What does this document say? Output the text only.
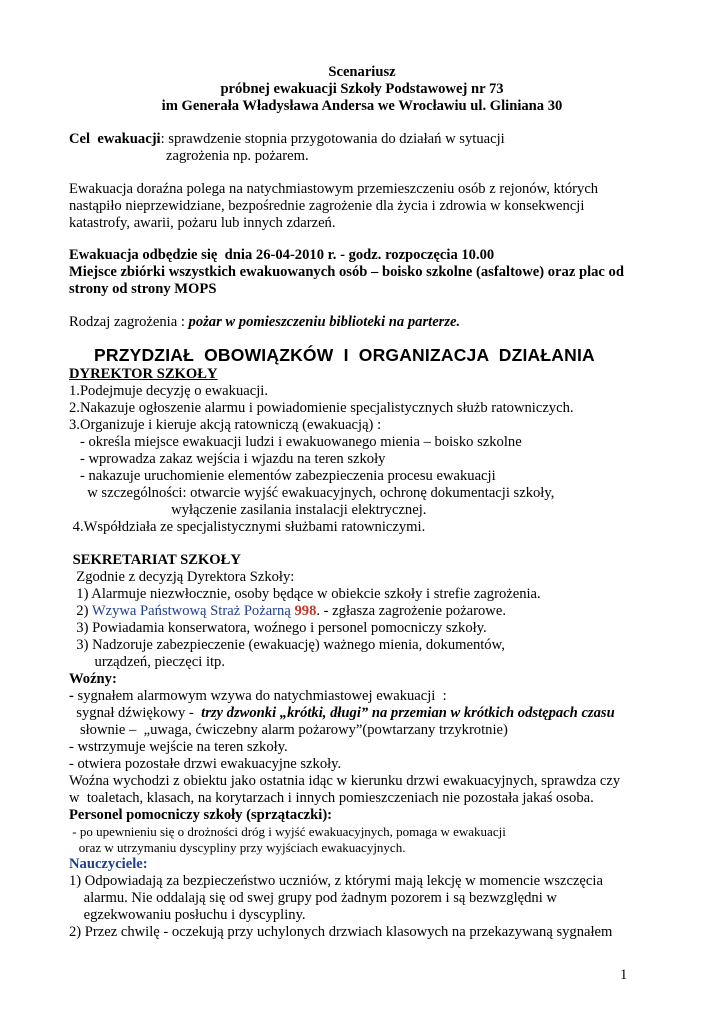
Scenariusz
próbnej ewakuacji Szkoły Podstawowej nr 73
im Generała Władysława Andersa we Wrocławiu ul. Gliniana 30
Cel  ewakuacji: sprawdzenie stopnia przygotowania do działań w sytuacji
zagrożenia np. pożarem.
Ewakuacja doraźna polega na natychmiastowym przemieszczeniu osób z rejonów, których
nastąpiło nieprzewidziane, bezpośrednie zagrożenie dla życia i zdrowia w konsekwencji
katastrofy, awarii, pożaru lub innych zdarzeń.
Ewakuacja odbędzie się  dnia 26-04-2010 r. - godz. rozpoczęcia 10.00
Miejsce zbiórki wszystkich ewakuowanych osób – boisko szkolne (asfaltowe) oraz plac od
strony od strony MOPS
Rodzaj zagrożenia : pożar w pomieszczeniu biblioteki na parterze.
PRZYDZIAŁ  OBOWIĄZKÓW  I  ORGANIZACJA  DZIAŁANIA
DYREKTOR SZKOŁY
1.Podejmuje decyzję o ewakuacji.
2.Nakazuje ogłoszenie alarmu i powiadomienie specjalistycznych służb ratowniczych.
3.Organizuje i kieruje akcją ratowniczą (ewakuacją) :
- określa miejsce ewakuacji ludzi i ewakuowanego mienia – boisko szkolne
- wprowadza zakaz wejścia i wjazdu na teren szkoły
- nakazuje uruchomienie elementów zabezpieczenia procesu ewakuacji
w szczególności: otwarcie wyjść ewakuacyjnych, ochronę dokumentacji szkoły,
wyłączenie zasilania instalacji elektrycznej.
4.Współdziała ze specjalistycznymi służbami ratowniczymi.
SEKRETARIAT SZKOŁY
Zgodnie z decyzją Dyrektora Szkoły:
1) Alarmuje niezwłocznie, osoby będące w obiekcie szkoły i strefie zagrożenia.
2) Wzywa Państwową Straż Pożarną 998. - zgłasza zagrożenie pożarowe.
3) Powiadamia konserwatora, woźnego i personel pomocniczy szkoły.
3) Nadzoruje zabezpieczenie (ewakuację) ważnego mienia, dokumentów,
urządzeń, pieczęci itp.
Woźny:
- sygnałem alarmowym wzywa do natychmiastowej ewakuacji  :
sygnał dźwiękowy -  trzy dzwonki „krótki, długi” na przemian w krótkich odstępach czasu
słownie –  „uwaga, ćwiczebny alarm pożarowy”(powtarzany trzykrotnie)
- wstrzymuje wejście na teren szkoły.
- otwiera pozostałe drzwi ewakuacyjne szkoły.
Woźna wychodzi z obiektu jako ostatnia idąc w kierunku drzwi ewakuacyjnych, sprawdza czy
w  toaletach, klasach, na korytarzach i innych pomieszczeniach nie pozostała jakaś osoba.
Personel pomocniczy szkoły (sprzątaczki):
- po upewnieniu się o drożności dróg i wyjść ewakuacyjnych, pomaga w ewakuacji
oraz w utrzymaniu dyscypliny przy wyjściach ewakuacyjnych.
Nauczyciele:
1) Odpowiadają za bezpieczeństwo uczniów, z którymi mają lekcję w momencie wszczęcia
alarmu. Nie oddalają się od swej grupy pod żadnym pozorem i są bezwzględni w
egzekwowaniu posłuchu i dyscypliny.
2) Przez chwilę - oczekują przy uchylonych drzwiach klasowych na przekazywaną sygnałem
1
